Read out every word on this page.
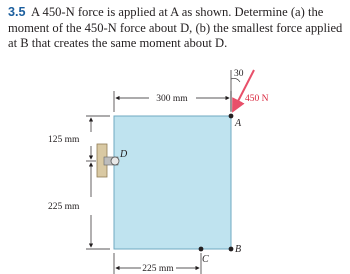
3.5 A 450-N force is applied at A as shown. Determine (a) the moment of the 450-N force about D, (b) the smallest force applied at B that creates the same moment about D.
300 mm
125 mm
225 mm
225 mm
30
450 N
A
B
C
D
